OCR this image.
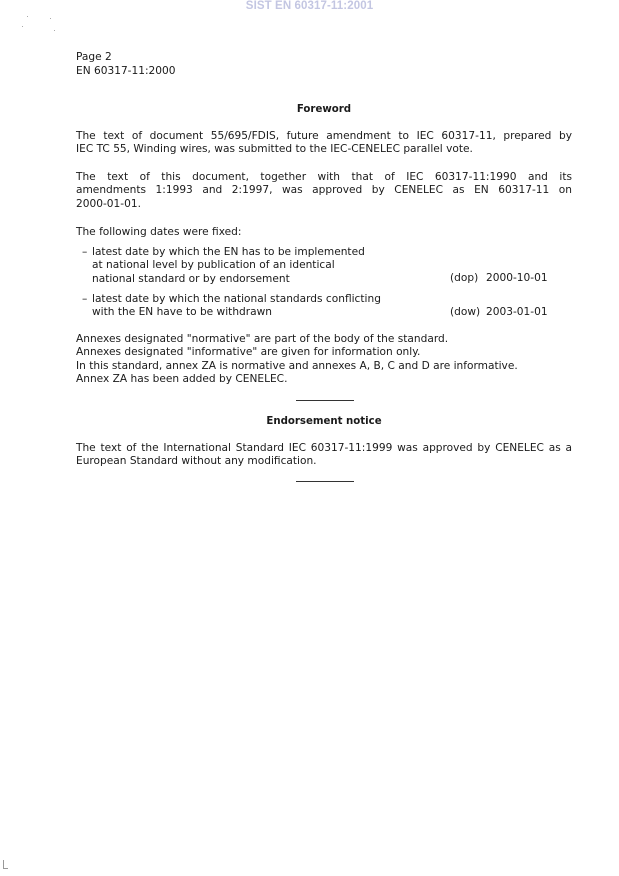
SIST EN 60317-11:2001
Page 2
EN 60317-11:2000
Foreword
The text of document 55/695/FDIS, future amendment to IEC 60317-11, prepared by
IEC TC 55, Winding wires, was submitted to the IEC-CENELEC parallel vote.
The text of this document, together with that of IEC 60317-11:1990 and its
amendments 1:1993 and 2:1997, was approved by CENELEC as EN 60317-11 on
2000-01-01.
The following dates were fixed:
– latest date by which the EN has to be implemented
at national level by publication of an identical
national standard or by endorsement	(dop) 2000-10-01
– latest date by which the national standards conflicting
with the EN have to be withdrawn	(dow) 2003-01-01
Annexes designated "normative" are part of the body of the standard.
Annexes designated "informative" are given for information only.
In this standard, annex ZA is normative and annexes A, B, C and D are informative.
Annex ZA has been added by CENELEC.
Endorsement notice
The text of the International Standard IEC 60317-11:1999 was approved by CENELEC as a
European Standard without any modification.
